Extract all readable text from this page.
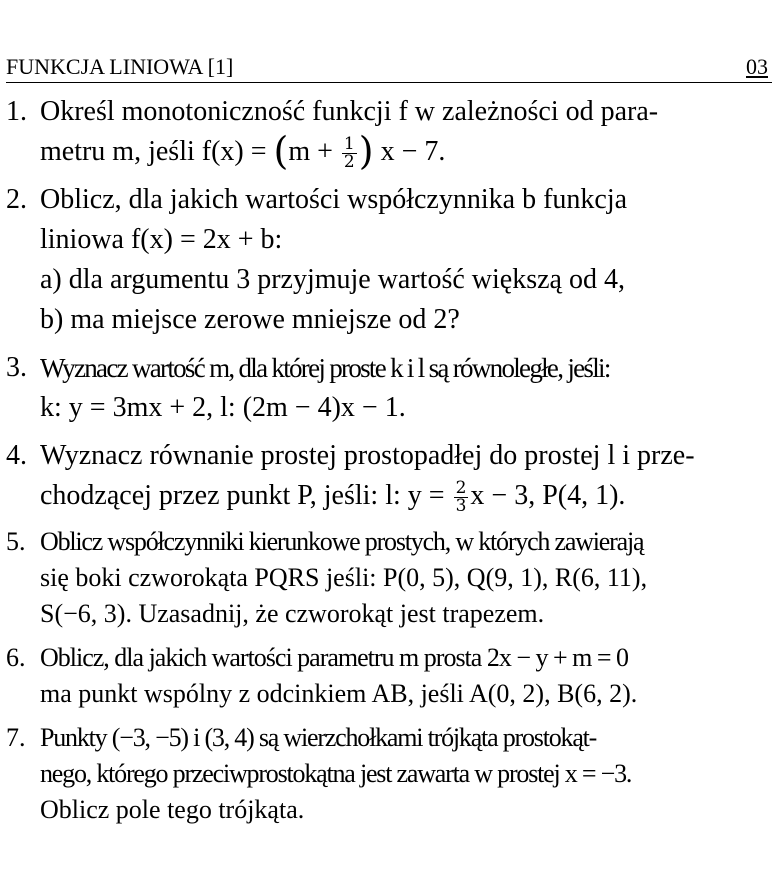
FUNKCJA LINIOWA [1]	03
1. Określ monotoniczność funkcji f w zależności od para-
metru m, jeśli $f(x) = (m + \frac{1}{2}$ ) x − 7.
2. Oblicz, dla jakich wartości współczynnika b funkcja
liniowa f(x) = 2x + b:
a) dla argumentu 3 przyjmuje wartość większą od 4,
b) ma miejsce zerowe mniejsze od 2?
3. Wyznacz wartość m, dla której proste k i l są równoległe, jeśli:
k: y = 3mx + 2, l: (2m − 4)x − 1.
4. Wyznacz równanie prostej prostopadłej do prostej l i prze-
chodzącej przez punkt P, jeśli: l: $y = \frac{2}{3}$ x − 3, P(4, 1).
5. Oblicz współczynniki kierunkowe prostych, w których zawierają
się boki czworokąta PQRS jeśli: P(0, 5), Q(9, 1), R(6, 11),
S(−6, 3). Uzasadnij, że czworokąt jest trapezem.
6. Oblicz, dla jakich wartości parametru m prosta 2x − y + m = 0
ma punkt wspólny z odcinkiem AB, jeśli A(0, 2), B(6, 2).
7. Punkty (−3, −5) i (3, 4) są wierzchołkami trójkąta prostokąt-
nego, którego przeciwprostokątna jest zawarta w prostej x = −3.
Oblicz pole tego trójkąta.
